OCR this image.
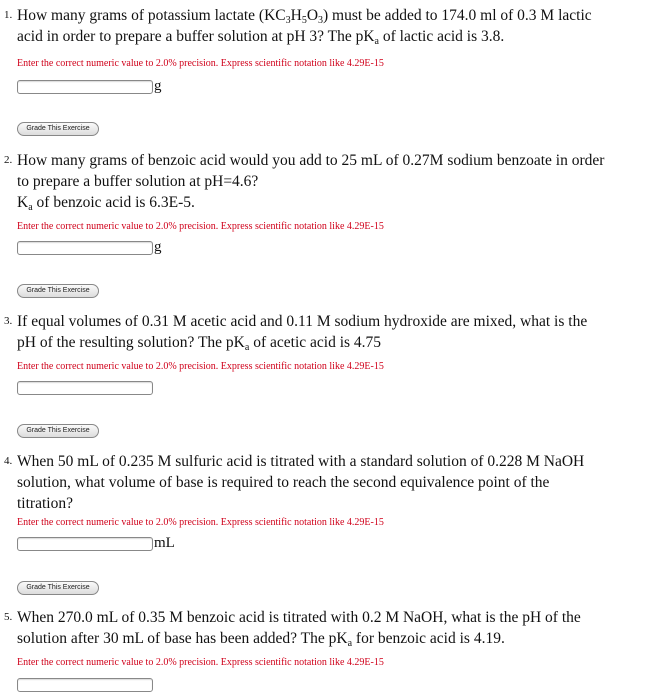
1. How many grams of potassium lactate $(KC_3H_5O_3)$ must be added to 174.0 ml of 0.3 M lactic
acid in order to prepare a buffer solution at pH 3? The $pK_a$ of lactic acid is 3.8.
Enter the correct numeric value to 2.0% precision. Express scientific notation like 4.29E-15
g
Grade This Exercise
2. How many grams of benzoic acid would you add to 25 mL of 0.27M sodium benzoate in order
to prepare a buffer solution at pH=4.6?
$K_a$ of benzoic acid is 6.3E-5.
Enter the correct numeric value to 2.0% precision. Express scientific notation like 4.29E-15
g
Grade This Exercise
3. If equal volumes of 0.31 M acetic acid and 0.11 M sodium hydroxide are mixed, what is the
pH of the resulting solution? The $pK_a$ of acetic acid is 4.75
Enter the correct numeric value to 2.0% precision. Express scientific notation like 4.29E-15
Grade This Exercise
4. When 50 mL of 0.235 M sulfuric acid is titrated with a standard solution of 0.228 M NaOH
solution, what volume of base is required to reach the second equivalence point of the
titration?
Enter the correct numeric value to 2.0% precision. Express scientific notation like 4.29E-15
mL
Grade This Exercise
5. When 270.0 mL of 0.35 M benzoic acid is titrated with 0.2 M NaOH, what is the pH of the
solution after 30 mL of base has been added? The $pK_a$ for benzoic acid is 4.19.
Enter the correct numeric value to 2.0% precision. Express scientific notation like 4.29E-15
